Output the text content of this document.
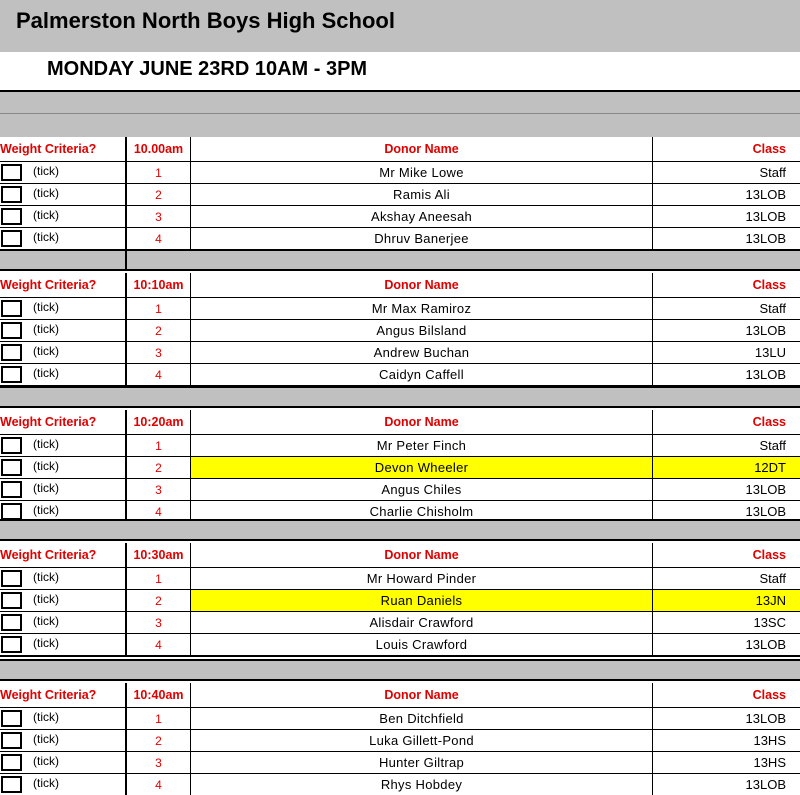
Palmerston North Boys High School
MONDAY JUNE 23RD 10AM - 3PM
Weight Criteria?	10.00am	Donor Name	Class
(tick)	1	Mr Mike Lowe	Staff
(tick)	2	Ramis Ali	13LOB
(tick)	3	Akshay Aneesah	13LOB
(tick)	4	Dhruv Banerjee	13LOB
Weight Criteria?	10:10am	Donor Name	Class
(tick)	1	Mr Max Ramiroz	Staff
(tick)	2	Angus Bilsland	13LOB
(tick)	3	Andrew Buchan	13LU
(tick)	4	Caidyn Caffell	13LOB
Weight Criteria?	10:20am	Donor Name	Class
(tick)	1	Mr Peter Finch	Staff
(tick)	2	Devon Wheeler	12DT
(tick)	3	Angus Chiles	13LOB
(tick)	4	Charlie Chisholm	13LOB
Weight Criteria?	10:30am	Donor Name	Class
(tick)	1	Mr Howard Pinder	Staff
(tick)	2	Ruan Daniels	13JN
(tick)	3	Alisdair Crawford	13SC
(tick)	4	Louis Crawford	13LOB
Weight Criteria?	10:40am	Donor Name	Class
(tick)	1	Ben Ditchfield	13LOB
(tick)	2	Luka Gillett-Pond	13HS
(tick)	3	Hunter Giltrap	13HS
(tick)	4	Rhys Hobdey	13LOB
